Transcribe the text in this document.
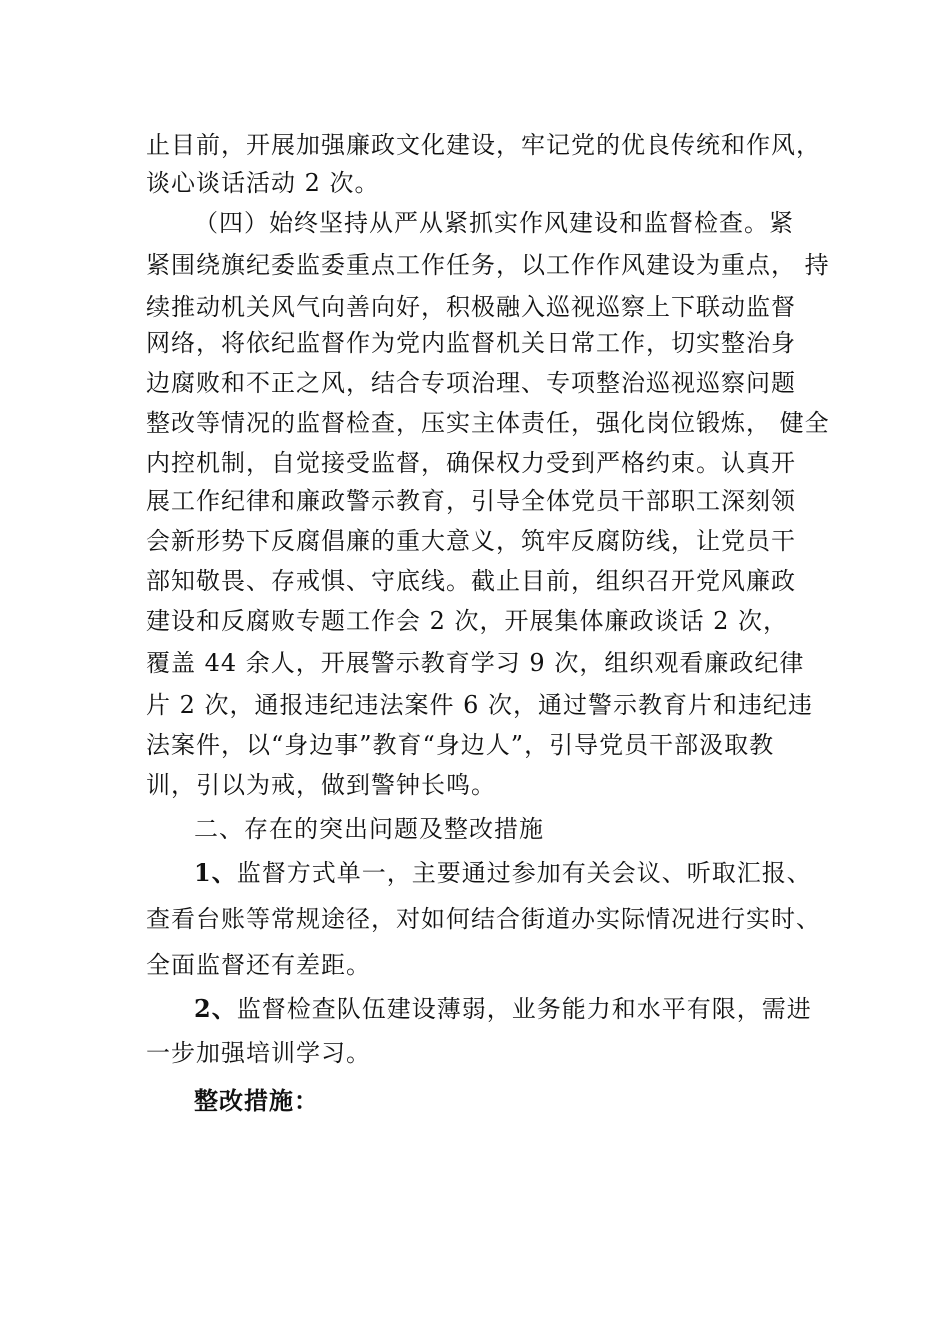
止目前，开展加强廉政文化建设，牢记党的优良传统和作风，
谈心谈话活动 2 次。
（四）始终坚持从严从紧抓实作风建设和监督检查。紧
紧围绕旗纪委监委重点工作任务，以工作作风建设为重点， 持
续推动机关风气向善向好，积极融入巡视巡察上下联动监督
网络，将依纪监督作为党内监督机关日常工作，切实整治身
边腐败和不正之风，结合专项治理、专项整治巡视巡察问题
整改等情况的监督检查，压实主体责任，强化岗位锻炼， 健全
内控机制，自觉接受监督，确保权力受到严格约束。认真开
展工作纪律和廉政警示教育，引导全体党员干部职工深刻领
会新形势下反腐倡廉的重大意义，筑牢反腐防线，让党员干
部知敬畏、存戒惧、守底线。截止目前，组织召开党风廉政
建设和反腐败专题工作会 2 次，开展集体廉政谈话 2 次，
覆盖 44 余人，开展警示教育学习 9 次，组织观看廉政纪律
片 2 次，通报违纪违法案件 6 次，通过警示教育片和违纪违
法案件，以“身边事”教育“身边人”，引导党员干部汲取教
训，引以为戒，做到警钟长鸣。
二、存在的突出问题及整改措施
1、监督方式单一，主要通过参加有关会议、听取汇报、
查看台账等常规途径，对如何结合街道办实际情况进行实时、
全面监督还有差距。
2、监督检查队伍建设薄弱，业务能力和水平有限，需进
一步加强培训学习。
整改措施：
